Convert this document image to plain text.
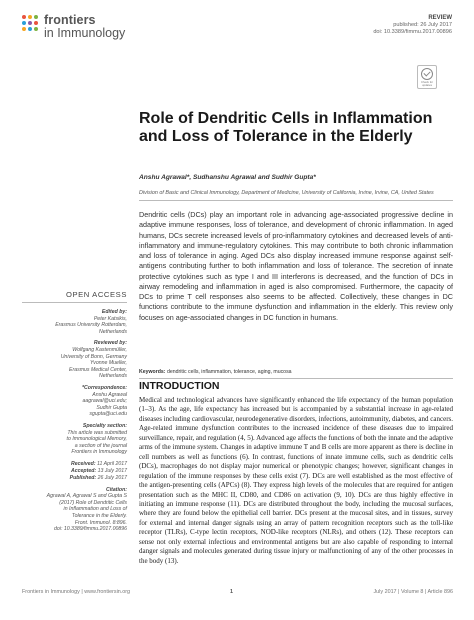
frontiers
in Immunology
REVIEW
published: 26 July 2017
doi: 10.3389/fimmu.2017.00896
Check for updates
Role of Dendritic Cells in Inflammation and Loss of Tolerance in the Elderly
Anshu Agrawal*, Sudhanshu Agrawal and Sudhir Gupta*
Division of Basic and Clinical Immunology, Department of Medicine, University of California, Irvine, Irvine, CA, United States

Dendritic cells (DCs) play an important role in advancing age-associated progressive decline in adaptive immune responses, loss of tolerance, and development of chronic inflammation. In aged humans, DCs secrete increased levels of pro-inflammatory cytokines and decreased levels of anti-inflammatory and immune-regulatory cytokines. This may contribute to both chronic inflammation and loss of tolerance in aging. Aged DCs also display increased immune response against self-antigens contributing further to both inflammation and loss of tolerance. The secretion of innate protective cytokines such as type I and III interferons is decreased, and the function of DCs in airway remodeling and inflammation in aged is also compromised. Furthermore, the capacity of DCs to prime T cell responses also seems to be affected. Collectively, these changes in DC functions contribute to the immune dysfunction and inflammation in the elderly. This review only focuses on age-associated changes in DC function in humans.

Keywords: dendritic cells, inflammation, tolerance, aging, mucosa
INTRODUCTION

Medical and technological advances have significantly enhanced the life expectancy of the human population (1–3). As the age, life expectancy has increased but is accompanied by a substantial increase in age-related diseases including cardiovascular, neurodegenerative disorders, infections, autoimmunity, diabetes, and cancers. Age-related immune dysfunction contributes to the increased incidence of these diseases due to impaired surveillance, repair, and regulation (4, 5). Advanced age affects the functions of both the innate and the adaptive arms of the immune system. Changes in adaptive immune T and B cells are more apparent as there is decline in cell numbers as well as functions (6). In contrast, functions of innate immune cells, such as dendritic cells (DCs), macrophages do not display major numerical or phenotypic changes; however, significant changes in regulation of the immune responses by these cells exist (7). DCs are well established as the most effective of the antigen-presenting cells (APCs) (8). They express high levels of the molecules that are required for antigen presentation such as the MHC II, CD80, and CD86 on activation (9, 10). DCs are thus highly effective in initiating an immune response (11). DCs are distributed throughout the body, including the mucosal surfaces, where they are found below the epithelial cell barrier. DCs present at the mucosal sites, and in tissues, survey for external and internal danger signals using an array of pattern recognition receptors such as the toll-like receptor (TLRs), C-type lectin receptors, NOD-like receptors (NLRs), and others (12). These receptors can sense not only external infectious and environmental antigens but are also capable of responding to internal danger signals and molecules generated during tissue injury or malfunctioning of any of the other processes in the body (13).

OPEN ACCESS
Edited by:
Peter Katsikis,
Erasmus University Rotterdam,
Netherlands
Reviewed by:
Wolfgang Kastenmüller,
University of Bonn, Germany
Yvonne Mueller,
Erasmus Medical Center,
Netherlands
*Correspondence:
Anshu Agrawal
aagrawal@uci.edu;
Sudhir Gupta
sgupta@uci.edu
Specialty section:
This article was submitted
to Immunological Memory,
a section of the journal
Frontiers in Immunology
Received: 11 April 2017
Accepted: 13 July 2017
Published: 26 July 2017
Citation:
Agrawal A, Agrawal S and Gupta S
(2017) Role of Dendritic Cells
in Inflammation and Loss of
Tolerance in the Elderly.
Front. Immunol. 8:896.
doi: 10.3389/fimmu.2017.00896
Frontiers in Immunology | www.frontiersin.org	1	July 2017 | Volume 8 | Article 896
